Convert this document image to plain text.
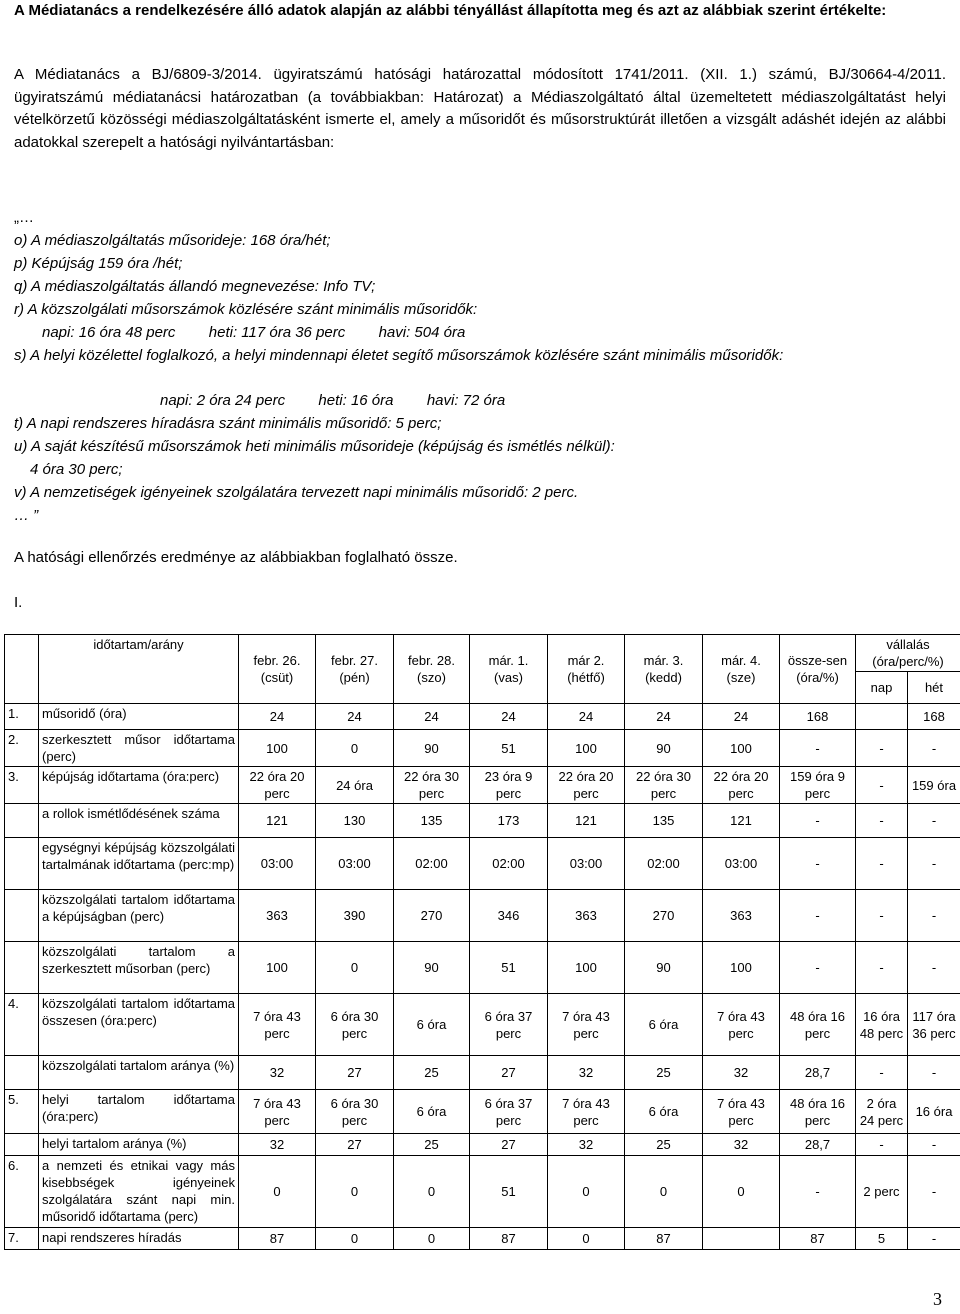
A Médiatanács a rendelkezésére álló adatok alapján az alábbi tényállást állapította meg és azt az alábbiak szerint értékelte:

A Médiatanács a BJ/6809-3/2014. ügyiratszámú hatósági határozattal módosított 1741/2011. (XII. 1.) számú, BJ/30664-4/2011. ügyiratszámú médiatanácsi határozatban (a továbbiakban: Határozat) a Médiaszolgáltató által üzemeltetett médiaszolgáltatást helyi vételkörzetű közösségi médiaszolgáltatásként ismerte el, amely a műsoridőt és műsorstruktúrát illetően a vizsgált adáshét idején az alábbi adatokkal szerepelt a hatósági nyilvántartásban:

„…
o) A médiaszolgáltatás műsorideje: 168 óra/hét;
p) Képújság 159 óra /hét;
q) A médiaszolgáltatás állandó megnevezése: Info TV;
r) A közszolgálati műsorszámok közlésére szánt minimális műsoridők:
napi: 16 óra 48 perc        heti: 117 óra 36 perc        havi: 504 óra

s) A helyi közélettel foglalkozó, a helyi mindennapi életet segítő műsorszámok közlésére szánt minimális műsoridők:

napi: 2 óra 24 perc        heti: 16 óra        havi: 72 óra
t) A napi rendszeres híradásra szánt minimális műsoridő: 5 perc;
u) A saját készítésű műsorszámok heti minimális műsorideje (képújság és ismétlés nélkül):
4 óra 30 perc;
v) A nemzetiségek igényeinek szolgálatára tervezett napi minimális műsoridő: 2 perc.
… ”
A hatósági ellenőrzés eredménye az alábbiakban foglalható össze.
I.
	időtartam/arány	febr. 26. (csüt)	febr. 27. (pén)	febr. 28. (szo)	már. 1. (vas)	már 2. (hétfő)	már. 3. (kedd)	már. 4. (sze)	össze-sen (óra/%)	vállalás (óra/perc/%)	
										nap	hét
1.	műsoridő (óra)	24	24	24	24	24	24	24	168		168
2.	szerkesztett műsor időtartama (perc)	100	0	90	51	100	90	100	-	-	-
3.	képújság időtartama (óra:perc)	22 óra 20 perc	24 óra	22 óra 30 perc	23 óra 9 perc	22 óra 20 perc	22 óra 30 perc	22 óra 20 perc	159 óra 9 perc	-	159 óra
	a rollok ismétlődésének száma	121	130	135	173	121	135	121	-	-	-
	egységnyi képújság közszolgálati tartalmának időtartama (perc:mp)	03:00	03:00	02:00	02:00	03:00	02:00	03:00	-	-	-
	közszolgálati tartalom időtartama a képújságban (perc)	363	390	270	346	363	270	363	-	-	-
	közszolgálati tartalom a szerkesztett műsorban (perc)	100	0	90	51	100	90	100	-	-	-
4.	közszolgálati tartalom időtartama összesen (óra:perc)	7 óra 43 perc	6 óra 30 perc	6 óra	6 óra 37 perc	7 óra 43 perc	6 óra	7 óra 43 perc	48 óra 16 perc	16 óra 48 perc	117 óra 36 perc
	közszolgálati tartalom aránya (%)	32	27	25	27	32	25	32	28,7	-	-
5.	helyi tartalom időtartama (óra:perc)	7 óra 43 perc	6 óra 30 perc	6 óra	6 óra 37 perc	7 óra 43 perc	6 óra	7 óra 43 perc	48 óra 16 perc	2 óra 24 perc	16 óra
	helyi tartalom aránya (%)	32	27	25	27	32	25	32	28,7	-	-
6.	a nemzeti és etnikai vagy más kisebbségek igényeinek szolgálatára szánt napi min. műsoridő időtartama (perc)	0	0	0	51	0	0	0	-	2 perc	-
7.	napi rendszeres híradás	87	0	0	87	0	87		87	5	-
3
